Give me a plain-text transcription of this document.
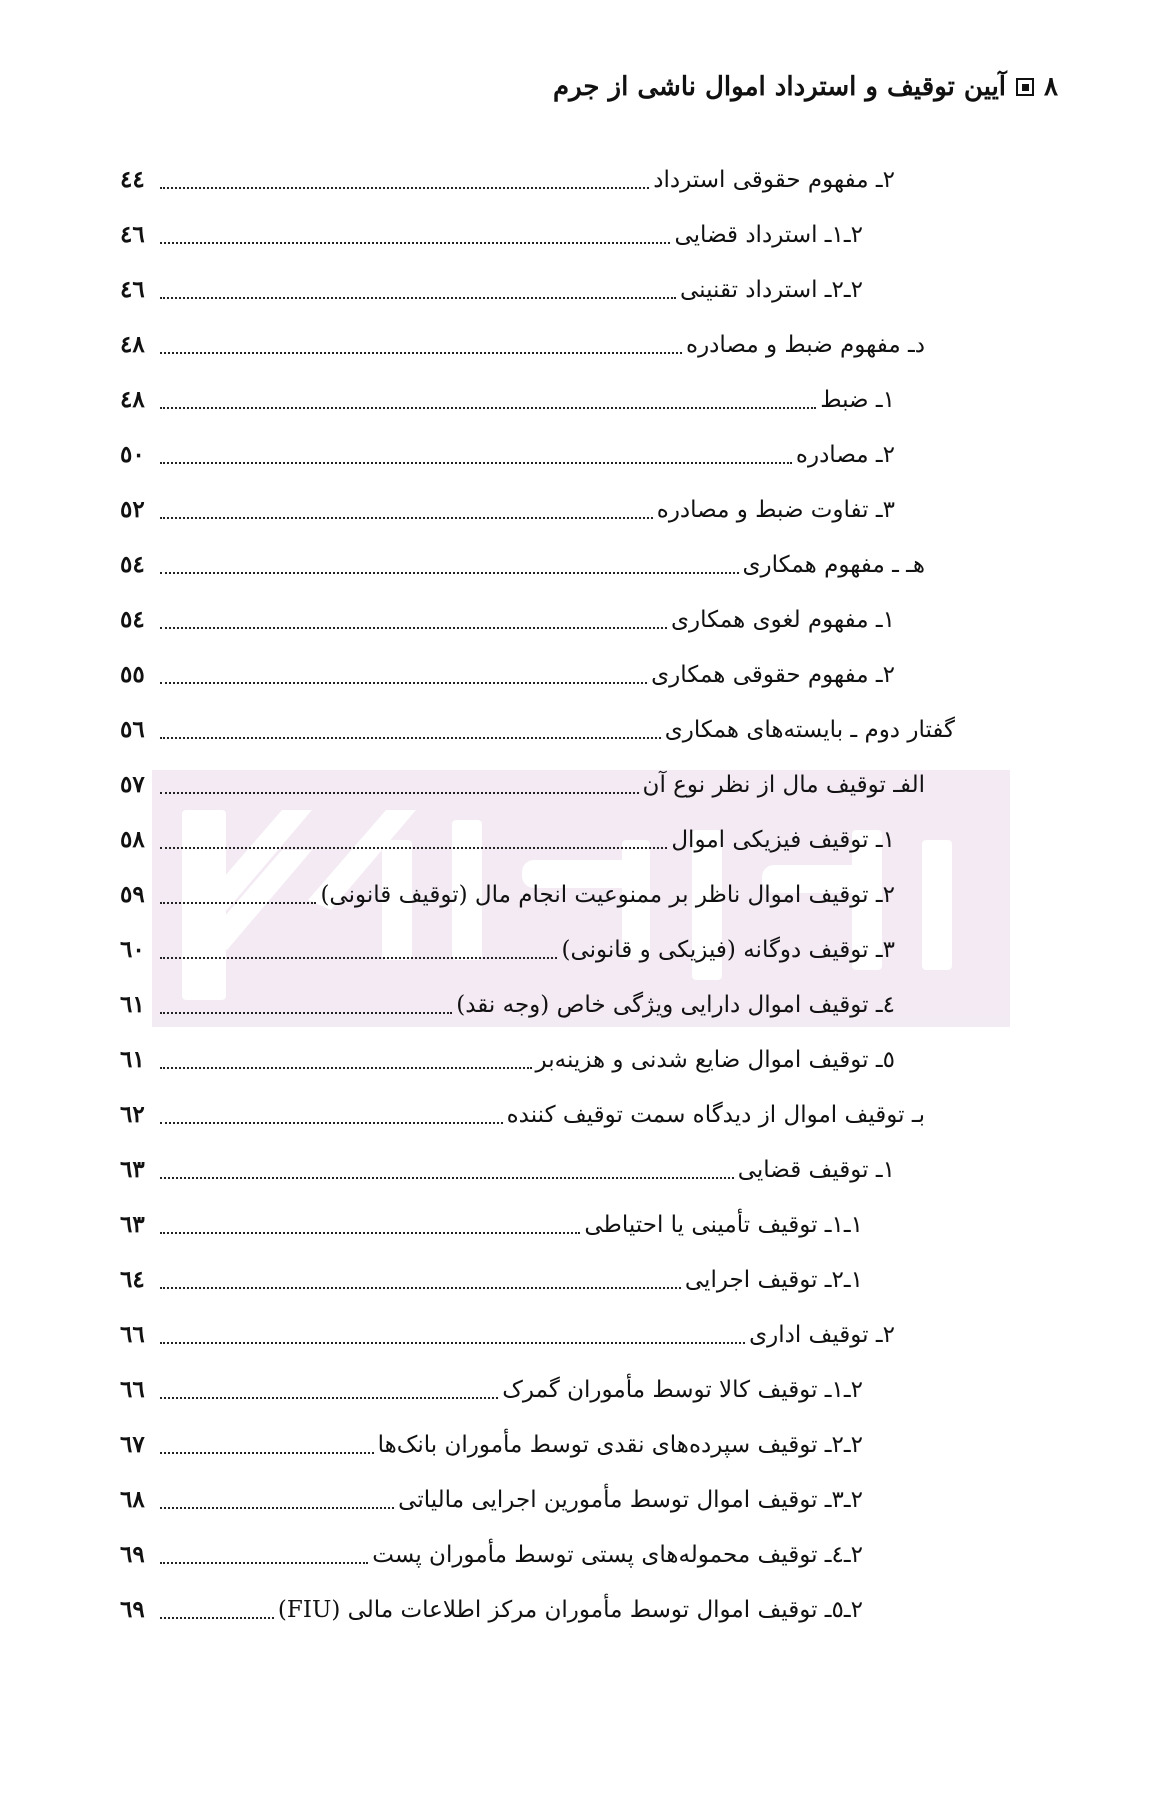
۸
آیین توقیف و استرداد اموال ناشی از جرم
۲ـ مفهوم حقوقی استرداد
٤٤
۲ـ۱ـ استرداد قضایی
٤٦
۲ـ۲ـ استرداد تقنینی
٤٦
دـ مفهوم ضبط و مصادره
٤٨
۱ـ ضبط
٤٨
۲ـ مصادره
٥٠
۳ـ تفاوت ضبط و مصادره
٥٢
هـ ـ مفهوم همکاری
٥٤
۱ـ مفهوم لغوی همکاری
٥٤
۲ـ مفهوم حقوقی همکاری
٥٥
گفتار دوم ـ بایسته‌های همکاری
٥٦
الفـ توقیف مال از نظر نوع آن
٥٧
۱ـ توقیف فیزیکی اموال
٥٨
۲ـ توقیف اموال ناظر بر ممنوعیت انجام مال (توقیف قانونی)
٥٩
۳ـ توقیف دوگانه (فیزیکی و قانونی)
٦٠
٤ـ توقیف اموال دارایی ویژگی خاص (وجه نقد)
٦١
٥ـ توقیف اموال ضایع شدنی و هزینه‌بر
٦١
بـ توقیف اموال از دیدگاه سمت توقیف کننده
٦٢
۱ـ توقیف قضایی
٦٣
۱ـ۱ـ توقیف تأمینی یا احتیاطی
٦٣
۱ـ۲ـ توقیف اجرایی
٦٤
۲ـ توقیف اداری
٦٦
۲ـ۱ـ توقیف کالا توسط مأموران گمرک
٦٦
۲ـ۲ـ توقیف سپرده‌های نقدی توسط مأموران بانک‌ها
٦٧
۲ـ۳ـ توقیف اموال توسط مأمورین اجرایی مالیاتی
٦٨
۲ـ٤ـ توقیف محموله‌های پستی توسط مأموران پست
٦٩
۲ـ٥ـ توقیف اموال توسط مأموران مرکز اطلاعات مالی (FIU)
٦٩
